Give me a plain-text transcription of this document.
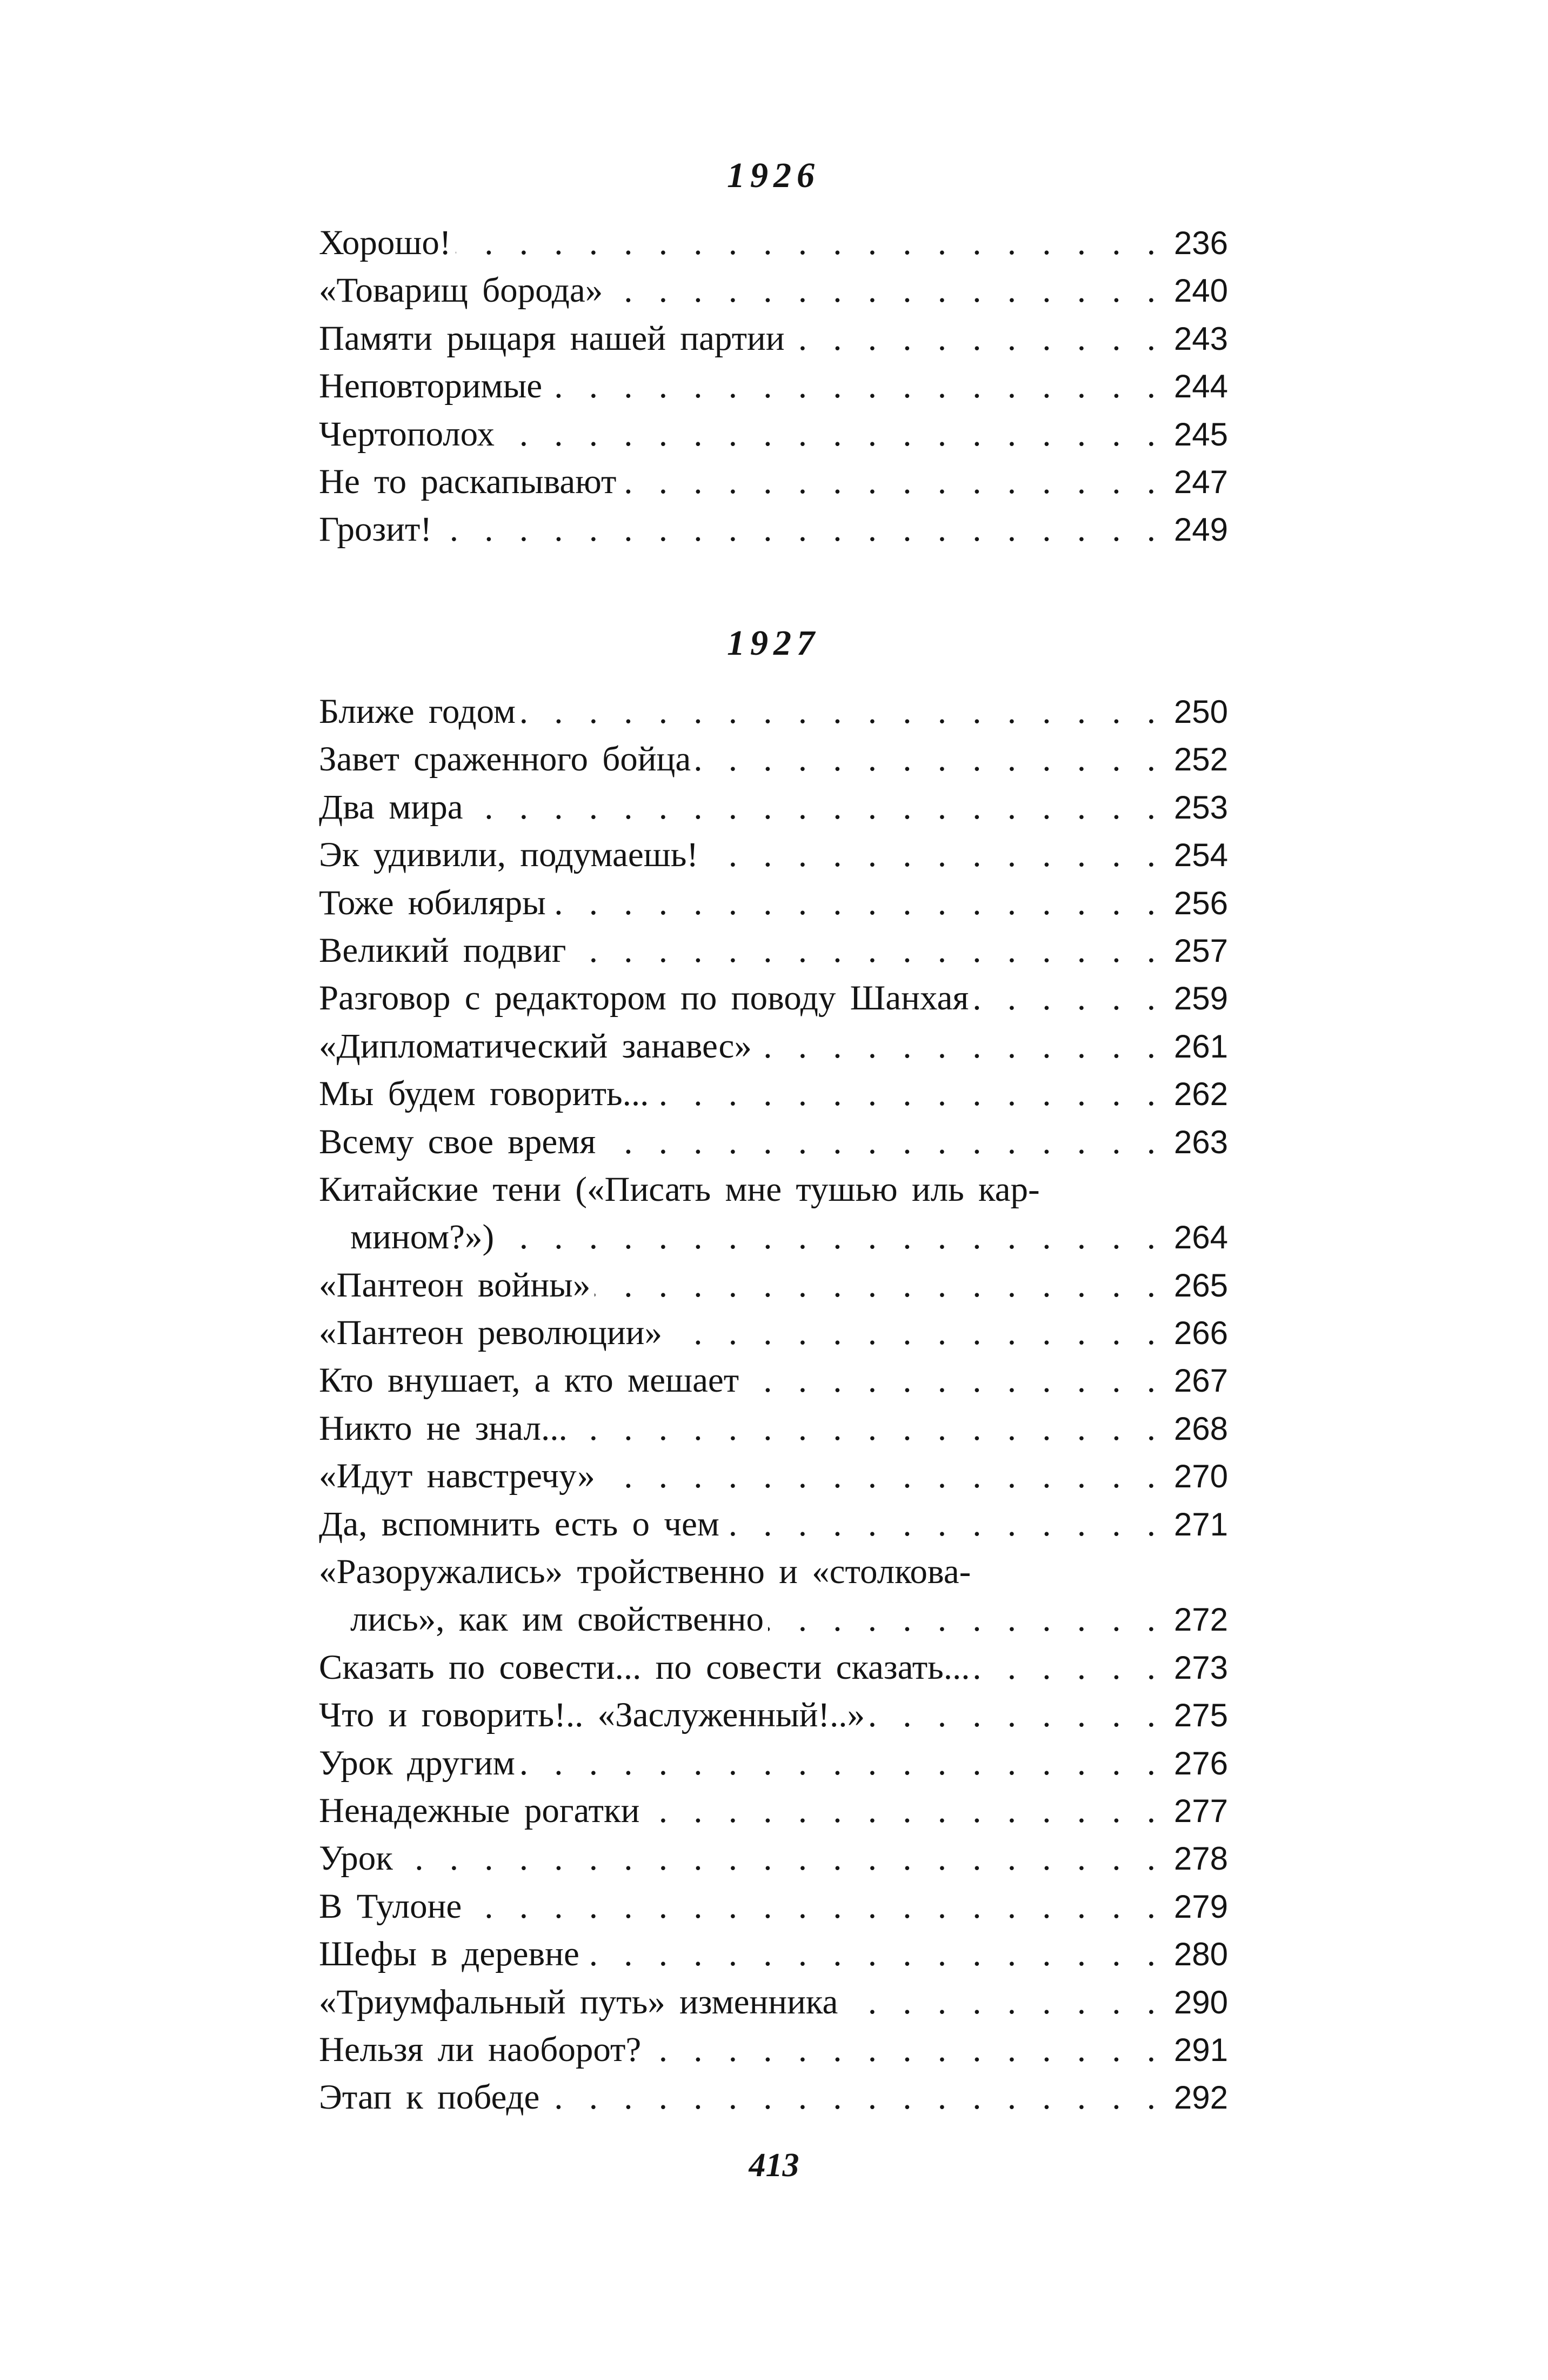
1926
Хорошо! . . .	236
«Товарищ борода» . . .	240
Памяти рыцаря нашей партии . . .	243
Неповторимые . . .	244
Чертополох . . .	245
Не то раскапывают . . .	247
Грозит! . . .	249
1927
Ближе годом . . .	250
Завет сраженного бойца . . .	252
Два мира . . .	253
Эк удивили, подумаешь! . . .	254
Тоже юбиляры . . .	256
Великий подвиг . . .	257
Разговор с редактором по поводу Шанхая . . .	259
«Дипломатический занавес» . . .	261
Мы будем говорить... . . .	262
Всему свое время . . .	263
Китайские тени («Писать мне тушью иль кар-
мином?») . . .	264
«Пантеон войны» . . .	265
«Пантеон революции» . . .	266
Кто внушает, а кто мешает . . .	267
Никто не знал... . . .	268
«Идут навстречу» . . .	270
Да, вспомнить есть о чем . . .	271
«Разоружались» тройственно и «столкова-
лись», как им свойственно . . .	272
Сказать по совести... по совести сказать... . . .	273
Что и говорить!.. «Заслуженный!..» . . .	275
Урок другим . . .	276
Ненадежные рогатки . . .	277
Урок . . .	278
В Тулоне . . .	279
Шефы в деревне . . .	280
«Триумфальный путь» изменника . . .	290
Нельзя ли наоборот? . . .	291
Этап к победе . . .	292
413
